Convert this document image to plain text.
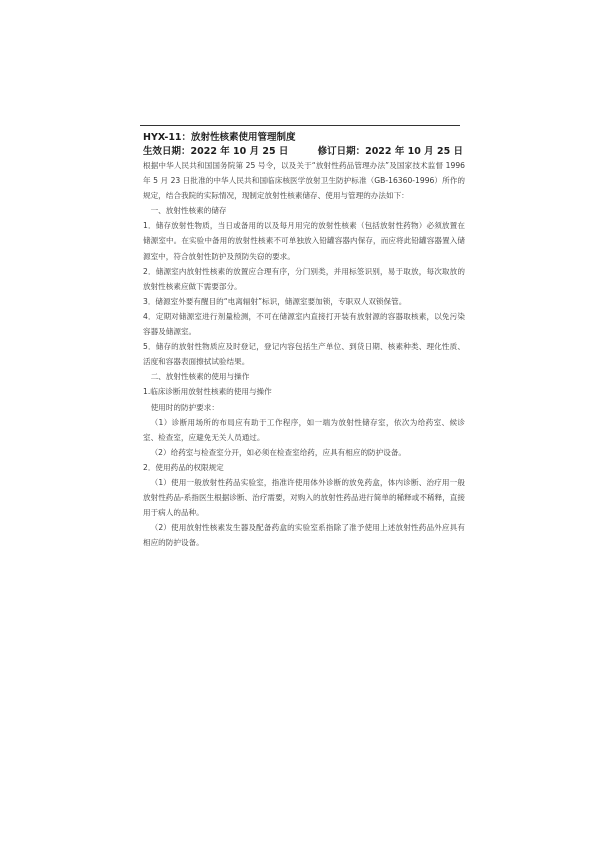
HYX-11：放射性核素使用管理制度
生效日期：2022 年 10 月 25 日	修订日期：2022 年 10 月 25 日

根据中华人民共和国国务院第 25 号令，以及关于“放射性药品管理办法”及国家技术监督 1996 年 5 月 23 日批准的中华人民共和国临床核医学放射卫生防护标准（GB-16360-1996）所作的规定，结合我院的实际情况，现制定放射性核素储存、使用与管理的办法如下：

一、放射性核素的储存

1．储存放射性物质，当日或备用的以及每月用完的放射性核素（包括放射性药物）必须放置在储源室中。在实验中备用的放射性核素不可单独放入铅罐容器内保存，而应将此铅罐容器置入储源室中，符合放射性防护及预防失窃的要求。

2．储源室内放射性核素的放置应合理有序，分门别类，并用标签识别，易于取放，每次取放的放射性核素应做下需要部分。

3．储源室外要有醒目的“电离辐射”标识，储源室要加锁，专职双人双锁保管。

4．定期对储源室进行剂量检测，不可在储源室内直接打开装有放射源的容器取核素，以免污染容器及储源室。

5．储存的放射性物质应及时登记，登记内容包括生产单位、到货日期、核素种类、理化性质、活度和容器表面擦拭试验结果。

二、放射性核素的使用与操作

1.临床诊断用放射性核素的使用与操作

使用时的防护要求：

（1）诊断用场所的布局应有助于工作程序，如一端为放射性储存室，依次为给药室、候诊室、检查室，应避免无关人员通过。

（2）给药室与检查室分开，如必须在检查室给药，应具有相应的防护设备。

2．使用药品的权限规定

（1）使用一般放射性药品实验室，指准许使用体外诊断的放免药盒，体内诊断、治疗用一般放射性药品-系指医生根据诊断、治疗需要，对购入的放射性药品进行简单的稀释或不稀释，直接用于病人的品种。

（2）使用放射性核素发生器及配备药盒的实验室系指除了准予使用上述放射性药品外应具有相应的防护设备。
